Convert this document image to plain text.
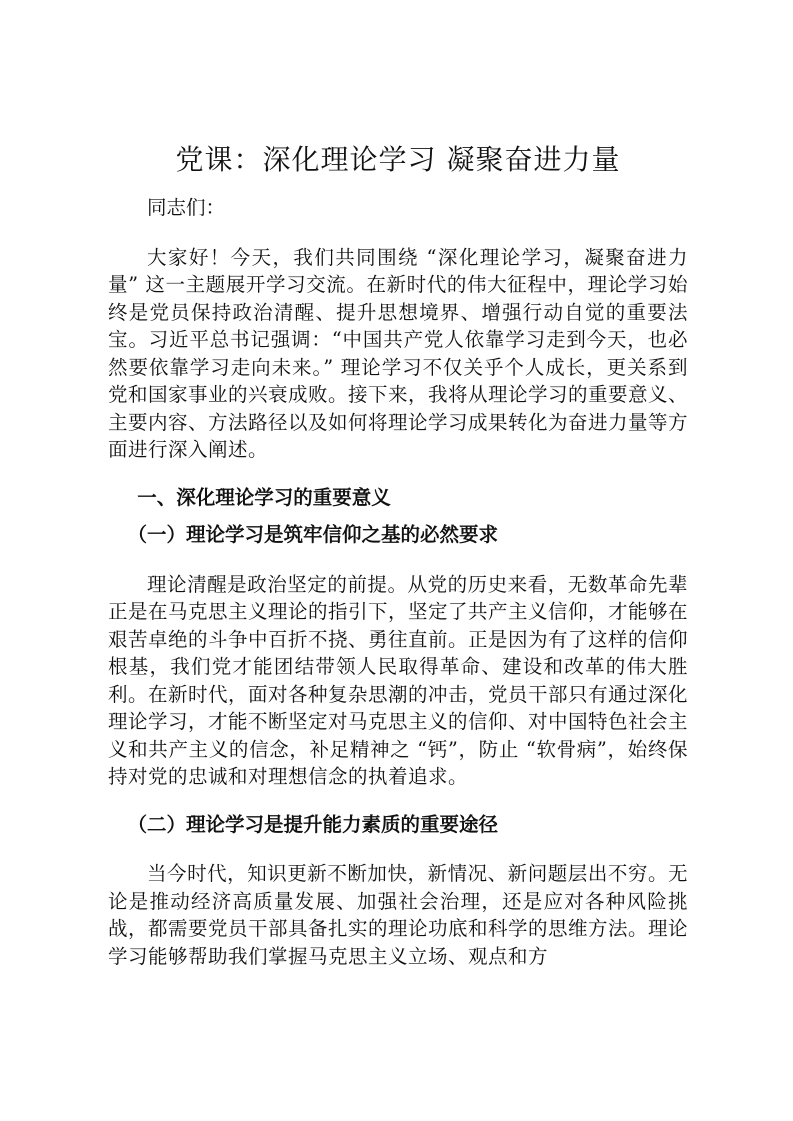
党课：深化理论学习 凝聚奋进力量

同志们：

大家好！今天，我们共同围绕 “深化理论学习，凝聚奋进力量” 这一主题展开学习交流。在新时代的伟大征程中，理论学习始终是党员保持政治清醒、提升思想境界、增强行动自觉的重要法宝。习近平总书记强调：“中国共产党人依靠学习走到今天，也必然要依靠学习走向未来。” 理论学习不仅关乎个人成长，更关系到党和国家事业的兴衰成败。接下来，我将从理论学习的重要意义、主要内容、方法路径以及如何将理论学习成果转化为奋进力量等方面进行深入阐述。

一、深化理论学习的重要意义

（一）理论学习是筑牢信仰之基的必然要求

理论清醒是政治坚定的前提。从党的历史来看，无数革命先辈正是在马克思主义理论的指引下，坚定了共产主义信仰，才能够在艰苦卓绝的斗争中百折不挠、勇往直前。正是因为有了这样的信仰根基，我们党才能团结带领人民取得革命、建设和改革的伟大胜利。在新时代，面对各种复杂思潮的冲击，党员干部只有通过深化理论学习，才能不断坚定对马克思主义的信仰、对中国特色社会主义和共产主义的信念，补足精神之 “钙”，防止 “软骨病”，始终保持对党的忠诚和对理想信念的执着追求。

（二）理论学习是提升能力素质的重要途径

当今时代，知识更新不断加快，新情况、新问题层出不穷。无论是推动经济高质量发展、加强社会治理，还是应对各种风险挑战，都需要党员干部具备扎实的理论功底和科学的思维方法。理论学习能够帮助我们掌握马克思主义立场、观点和方
